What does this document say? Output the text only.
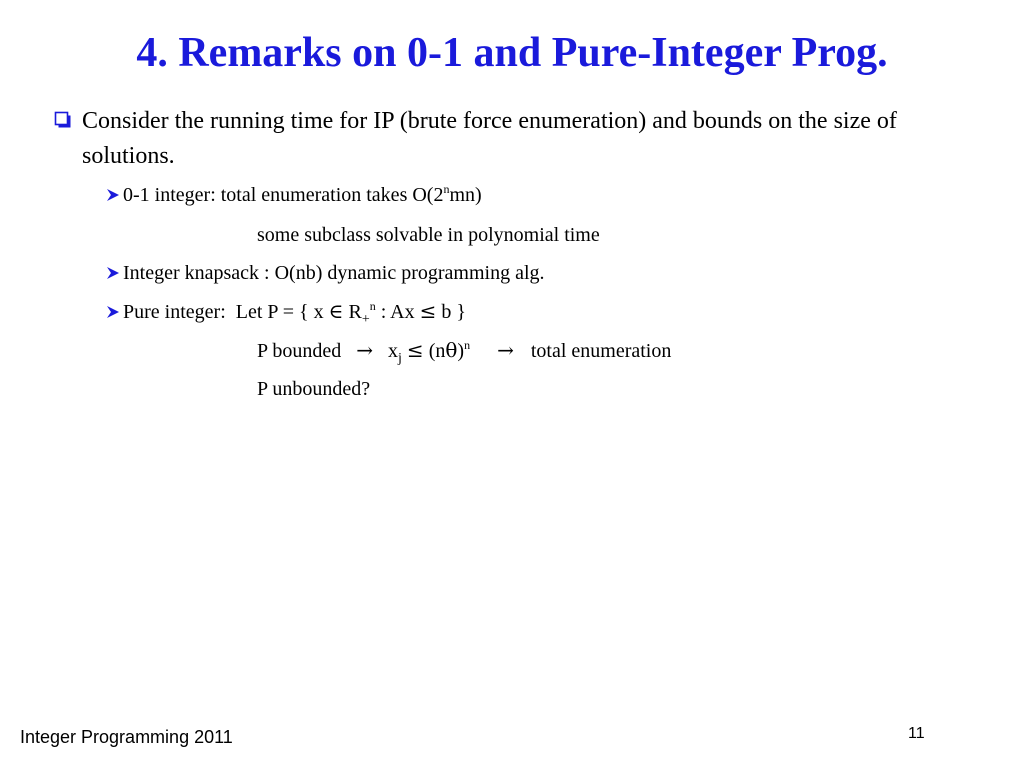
4. Remarks on 0-1 and Pure-Integer Prog.
Consider the running time for IP (brute force enumeration) and bounds on the size of solutions.
0-1 integer: total enumeration takes O(2$^n$mn)
some subclass solvable in polynomial time
Integer knapsack : O(nb) dynamic programming alg.
Pure integer:  Let P = { x ∈ $R_+^n$ : Ax ≤ b }
P bounded → $x_j \le (n\theta)^n$ → total enumeration
P unbounded?
Integer Programming 2011	11
